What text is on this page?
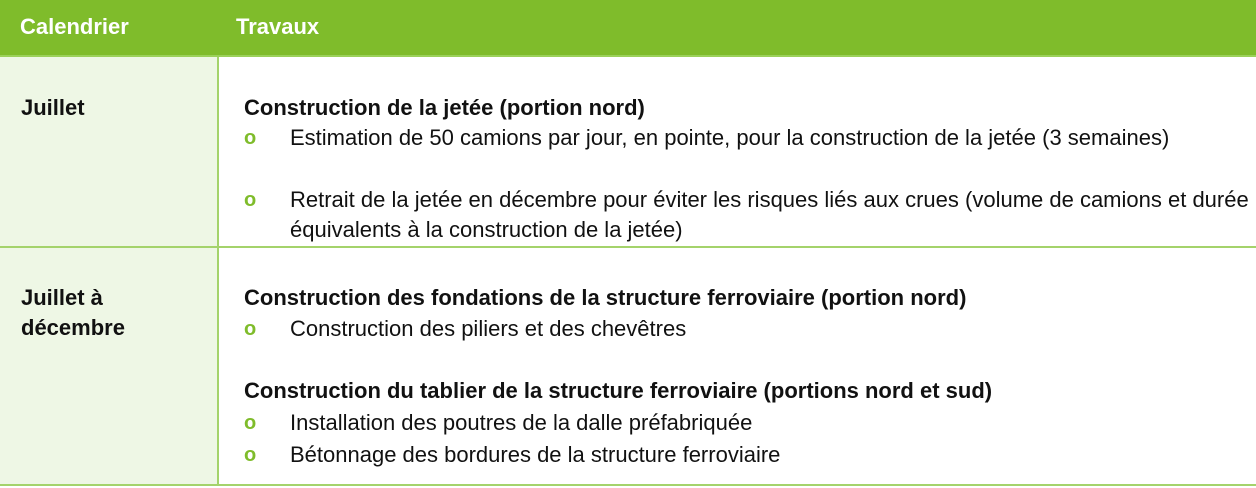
Calendrier	Travaux
Juillet	Construction de la jetée (portion nord)
o Estimation de 50 camions par jour, en pointe, pour la construction de la jetée (3 semaines)
o Retrait de la jetée en décembre pour éviter les risques liés aux crues (volume de camions et durée équivalents à la construction de la jetée)
Juillet à décembre
Construction des fondations de la structure ferroviaire (portion nord)
o Construction des piliers et des chevêtres
Construction du tablier de la structure ferroviaire (portions nord et sud)
o Installation des poutres de la dalle préfabriquée
o Bétonnage des bordures de la structure ferroviaire
